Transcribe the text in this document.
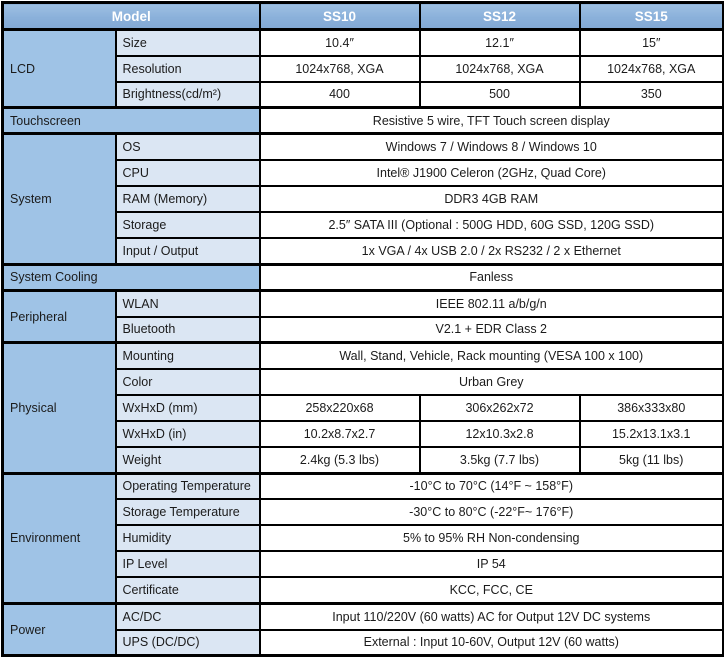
Model		SS10	SS12	SS15
LCD	Size	10.4″	12.1″	15″
	Resolution	1024x768, XGA	1024x768, XGA	1024x768, XGA
	Brightness(cd/m²)	400	500	350
Touchscreen		Resistive 5 wire, TFT Touch screen display		
System	OS	Windows 7 / Windows 8 / Windows 10		
	CPU	Intel® J1900 Celeron (2GHz, Quad Core)		
	RAM (Memory)	DDR3 4GB RAM		
	Storage	2.5″ SATA III (Optional : 500G HDD, 60G SSD, 120G SSD)		
	Input / Output	1x VGA / 4x USB 2.0 / 2x RS232 / 2 x Ethernet		
System Cooling		Fanless		
Peripheral	WLAN	IEEE 802.11 a/b/g/n		
	Bluetooth	V2.1 + EDR Class 2		
Physical	Mounting	Wall, Stand, Vehicle, Rack mounting (VESA 100 x 100)		
	Color	Urban Grey		
	WxHxD (mm)	258x220x68	306x262x72	386x333x80
	WxHxD (in)	10.2x8.7x2.7	12x10.3x2.8	15.2x13.1x3.1
	Weight	2.4kg (5.3 lbs)	3.5kg (7.7 lbs)	5kg (11 lbs)
Environment	Operating Temperature	-10°C to 70°C (14°F ~ 158°F)		
	Storage Temperature	-30°C to 80°C (-22°F~ 176°F)		
	Humidity	5% to 95% RH Non-condensing		
	IP Level	IP 54		
	Certificate	KCC, FCC, CE		
Power	AC/DC	Input 110/220V (60 watts) AC for Output 12V DC systems		
	UPS (DC/DC)	External : Input 10-60V, Output 12V (60 watts)		
